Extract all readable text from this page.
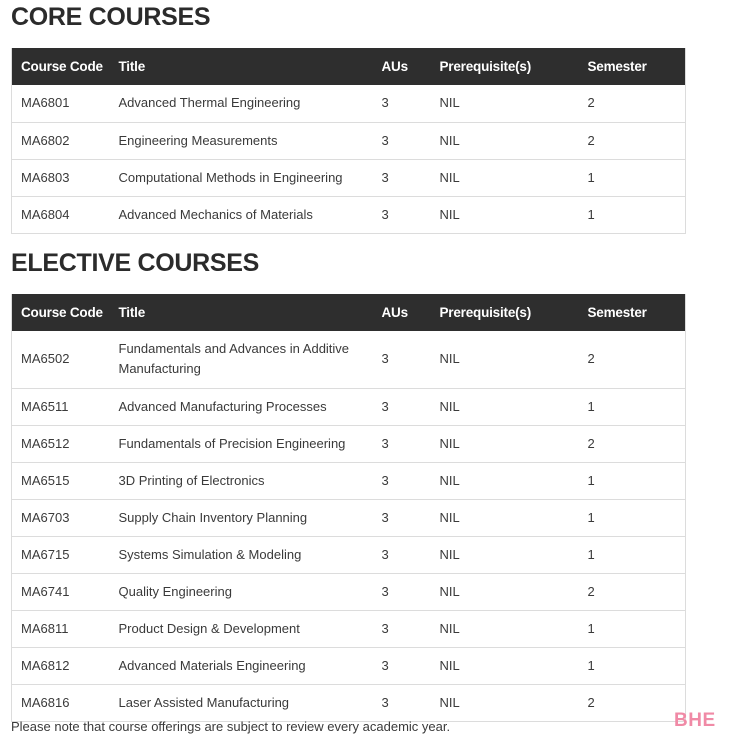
CORE COURSES
Course Code	Title	AUs	Prerequisite(s)	Semester
MA6801	Advanced Thermal Engineering	3	NIL	2
MA6802	Engineering Measurements	3	NIL	2
MA6803	Computational Methods in Engineering	3	NIL	1
MA6804	Advanced Mechanics of Materials	3	NIL	1
ELECTIVE COURSES
Course Code	Title	AUs	Prerequisite(s)	Semester
MA6502	Fundamentals and Advances in Additive Manufacturing	3	NIL	2
MA6511	Advanced Manufacturing Processes	3	NIL	1
MA6512	Fundamentals of Precision Engineering	3	NIL	2
MA6515	3D Printing of Electronics	3	NIL	1
MA6703	Supply Chain Inventory Planning	3	NIL	1
MA6715	Systems Simulation & Modeling	3	NIL	1
MA6741	Quality Engineering	3	NIL	2
MA6811	Product Design & Development	3	NIL	1
MA6812	Advanced Materials Engineering	3	NIL	1
MA6816	Laser Assisted Manufacturing	3	NIL	2

Please note that course offerings are subject to review every academic year.	BHE
